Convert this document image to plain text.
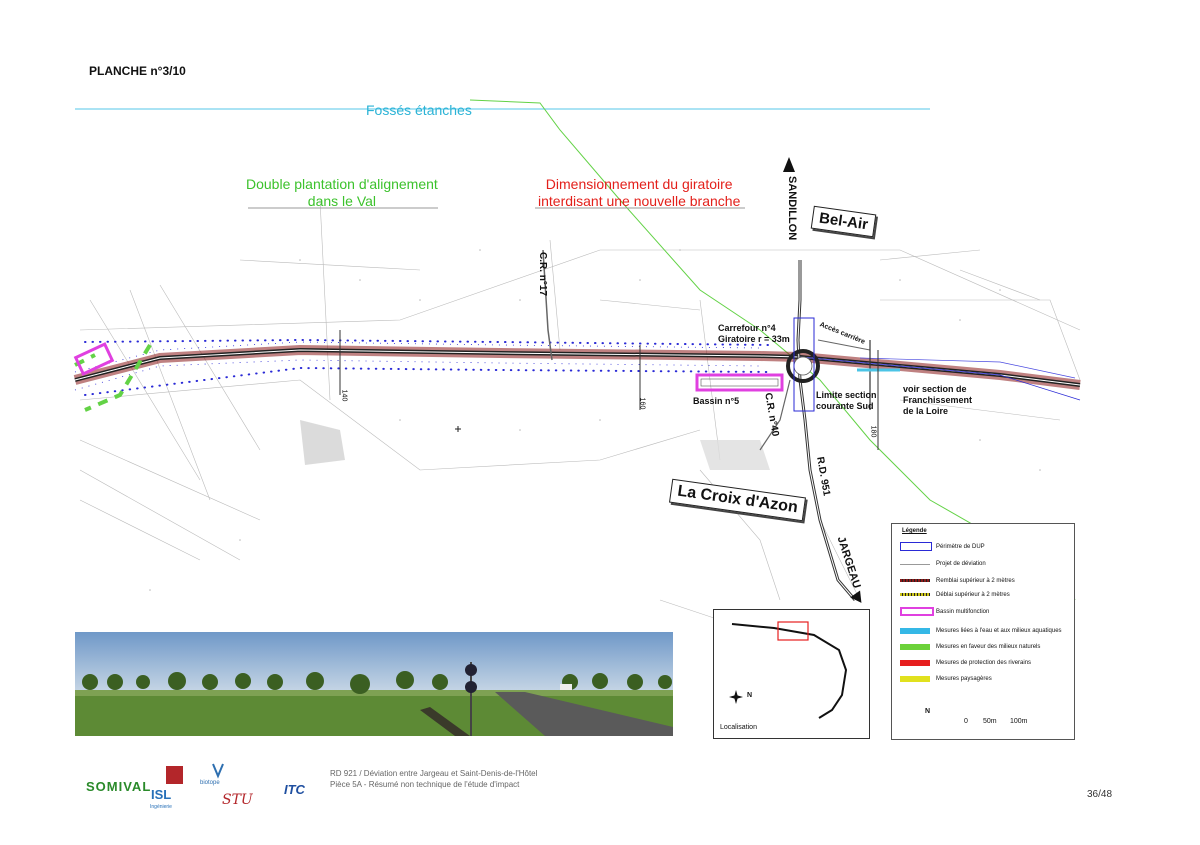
PLANCHE n°3/10
Fossés étanches
Double plantation d'alignement
dans le Val
Dimensionnement du giratoire
interdisant une nouvelle branche
Bel-Air
La Croix d'Azon
SANDILLON
JARGEAU
C.R. n°17
C.R. n°40
R.D. 951
Accès carrière
Carrefour n°4
Giratoire r = 33m
Bassin n°5
Limite section
courante Sud
voir section de
Franchissement
de la Loire
140
160
180
Légende
Périmètre de DUP
Projet de déviation
Remblai supérieur à 2 mètres
Déblai supérieur à 2 mètres
Bassin multifonction
Mesures liées à l'eau et aux milieux aquatiques
Mesures en faveur des milieux naturels
Mesures de protection des riverains
Mesures paysagères
0 50m 100m
N
N
Localisation
RD 921 / Déviation entre Jargeau et Saint-Denis-de-l'Hôtel
Pièce 5A - Résumé non technique de l'étude d'impact
36/48
SOMIVAL
ISL
Ingénierie
biotope
STU
ITC
